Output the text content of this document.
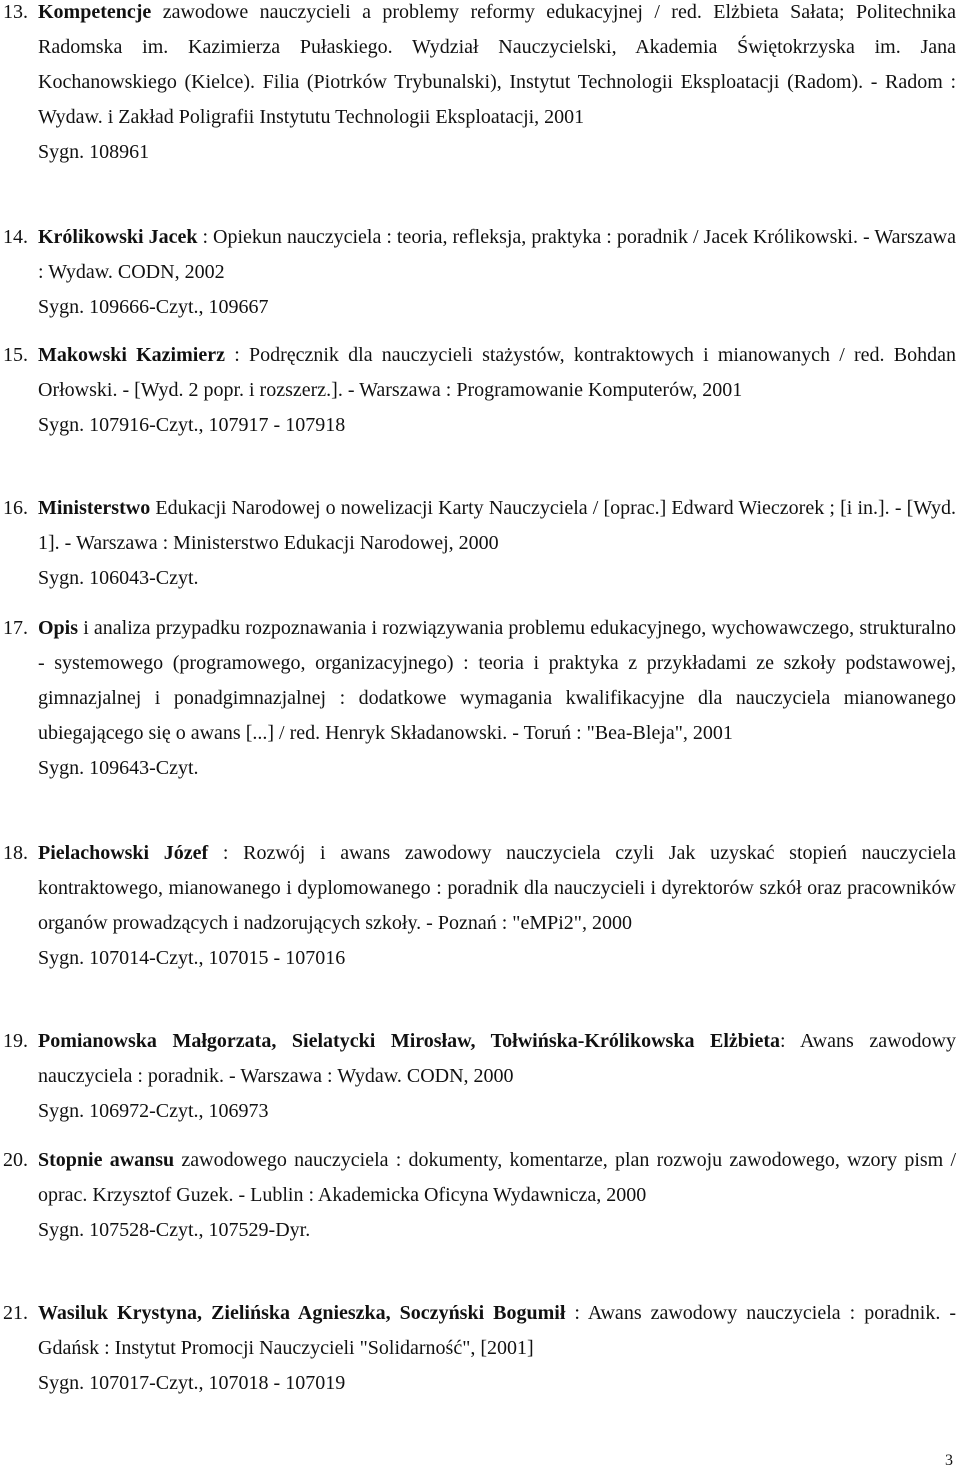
13. Kompetencje zawodowe nauczycieli a problemy reformy edukacyjnej / red. Elżbieta Sałata; Politechnika Radomska im. Kazimierza Pułaskiego. Wydział Nauczycielski, Akademia Świętokrzyska im. Jana Kochanowskiego (Kielce). Filia (Piotrków Trybunalski), Instytut Technologii Eksploatacji (Radom). - Radom : Wydaw. i Zakład Poligrafii Instytutu Technologii Eksploatacji, 2001
Sygn. 108961
14. Królikowski Jacek : Opiekun nauczyciela : teoria, refleksja, praktyka : poradnik / Jacek Królikowski. - Warszawa : Wydaw. CODN, 2002
Sygn. 109666-Czyt., 109667
15. Makowski Kazimierz : Podręcznik dla nauczycieli stażystów, kontraktowych i mianowanych / red. Bohdan Orłowski. - [Wyd. 2 popr. i rozszerz.]. - Warszawa : Programowanie Komputerów, 2001
Sygn. 107916-Czyt., 107917 - 107918
16. Ministerstwo Edukacji Narodowej o nowelizacji Karty Nauczyciela / [oprac.] Edward Wieczorek ; [i in.]. - [Wyd. 1]. - Warszawa : Ministerstwo Edukacji Narodowej, 2000
Sygn. 106043-Czyt.
17. Opis i analiza przypadku rozpoznawania i rozwiązywania problemu edukacyjnego, wychowawczego, strukturalno - systemowego (programowego, organizacyjnego) : teoria i praktyka z przykładami ze szkoły podstawowej, gimnazjalnej i ponadgimnazjalnej : dodatkowe wymagania kwalifikacyjne dla nauczyciela mianowanego ubiegającego się o awans [...] / red. Henryk Składanowski. - Toruń : "Bea-Bleja", 2001
Sygn. 109643-Czyt.
18. Pielachowski Józef : Rozwój i awans zawodowy nauczyciela czyli Jak uzyskać stopień nauczyciela kontraktowego, mianowanego i dyplomowanego : poradnik dla nauczycieli i dyrektorów szkół oraz pracowników organów prowadzących i nadzorujących szkoły. - Poznań : "eMPi2", 2000
Sygn. 107014-Czyt., 107015 - 107016
19. Pomianowska Małgorzata, Sielatycki Mirosław, Tołwińska-Królikowska Elżbieta: Awans zawodowy nauczyciela : poradnik. - Warszawa : Wydaw. CODN, 2000
Sygn. 106972-Czyt., 106973
20. Stopnie awansu zawodowego nauczyciela : dokumenty, komentarze, plan rozwoju zawodowego, wzory pism / oprac. Krzysztof Guzek. - Lublin : Akademicka Oficyna Wydawnicza, 2000
Sygn. 107528-Czyt., 107529-Dyr.
21. Wasiluk Krystyna, Zielińska Agnieszka, Soczyński Bogumił : Awans zawodowy nauczyciela : poradnik. - Gdańsk : Instytut Promocji Nauczycieli "Solidarność", [2001]
Sygn. 107017-Czyt., 107018 - 107019
3
